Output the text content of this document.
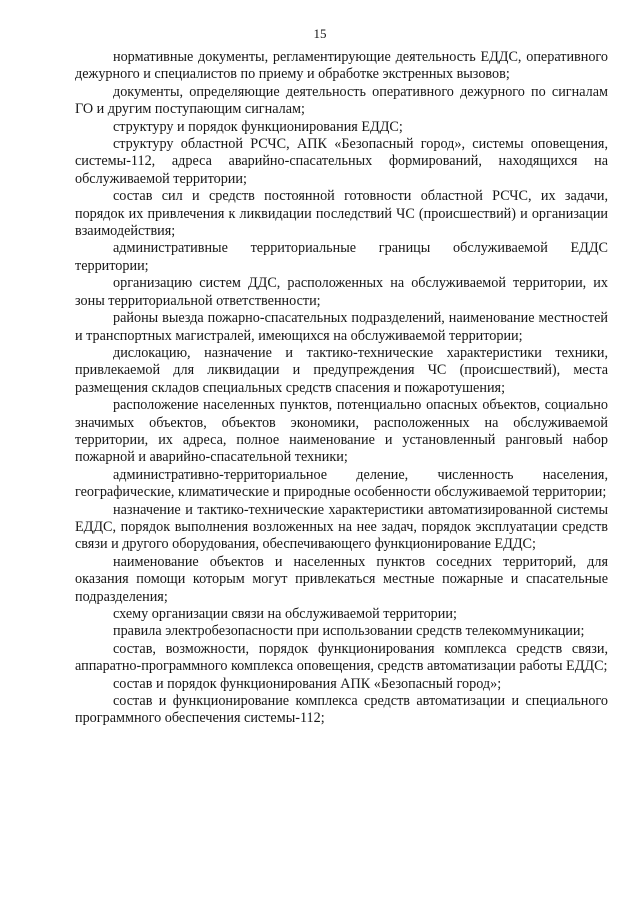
15

нормативные документы, регламентирующие деятельность ЕДДС, оперативного дежурного и специалистов по приему и обработке экстренных вызовов;

документы, определяющие деятельность оперативного дежурного по сигналам ГО и другим поступающим сигналам;

структуру и порядок функционирования ЕДДС;

структуру областной РСЧС, АПК «Безопасный город», системы оповещения, системы-112, адреса аварийно-спасательных формирований, находящихся на обслуживаемой территории;

состав сил и средств постоянной готовности областной РСЧС, их задачи, порядок их привлечения к ликвидации последствий ЧС (происшествий) и организации взаимодействия;

административные территориальные границы обслуживаемой ЕДДС территории;

организацию систем ДДС, расположенных на обслуживаемой территории, их зоны территориальной ответственности;

районы выезда пожарно-спасательных подразделений, наименование местностей и транспортных магистралей, имеющихся на обслуживаемой территории;

дислокацию, назначение и тактико-технические характеристики техники, привлекаемой для ликвидации и предупреждения ЧС (происшествий), места размещения складов специальных средств спасения и пожаротушения;

расположение населенных пунктов, потенциально опасных объектов, социально значимых объектов, объектов экономики, расположенных на обслуживаемой территории, их адреса, полное наименование и установленный ранговый набор пожарной и аварийно-спасательной техники;

административно-территориальное деление, численность населения, географические, климатические и природные особенности обслуживаемой территории;

назначение и тактико-технические характеристики автоматизированной системы ЕДДС, порядок выполнения возложенных на нее задач, порядок эксплуатации средств связи и другого оборудования, обеспечивающего функционирование ЕДДС;

наименование объектов и населенных пунктов соседних территорий, для оказания помощи которым могут привлекаться местные пожарные и спасательные подразделения;

схему организации связи на обслуживаемой территории;

правила электробезопасности при использовании средств телекоммуникации;

состав, возможности, порядок функционирования комплекса средств связи, аппаратно-программного комплекса оповещения, средств автоматизации работы ЕДДС;

состав и порядок функционирования АПК «Безопасный город»;

состав и функционирование комплекса средств автоматизации и специального программного обеспечения системы-112;
